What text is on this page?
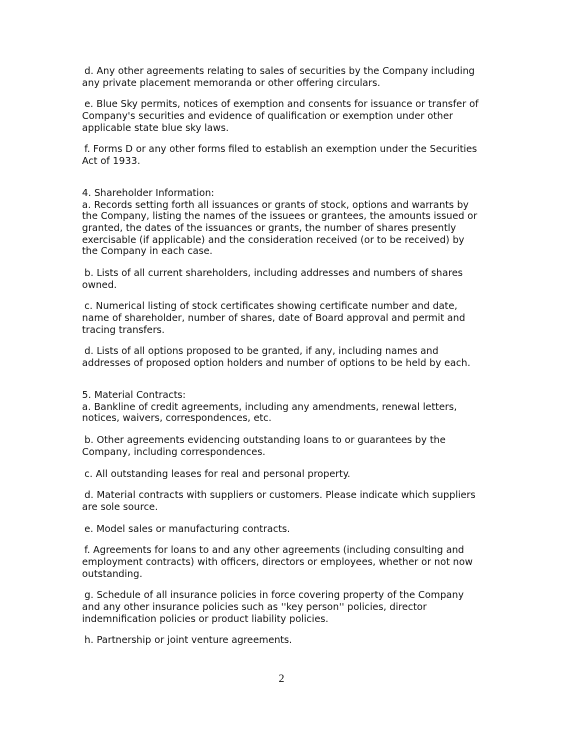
d. Any other agreements relating to sales of securities by the Company including any private placement memoranda or other offering circulars.

e. Blue Sky permits, notices of exemption and consents for issuance or transfer of Company's securities and evidence of qualification or exemption under other applicable state blue sky laws.

f. Forms D or any other forms filed to establish an exemption under the Securities Act of 1933.

4. Shareholder Information:

a. Records setting forth all issuances or grants of stock, options and warrants by the Company, listing the names of the issuees or grantees, the amounts issued or granted, the dates of the issuances or grants, the number of shares presently exercisable (if applicable) and the consideration received (or to be received) by the Company in each case.

b. Lists of all current shareholders, including addresses and numbers of shares owned.

c. Numerical listing of stock certificates showing certificate number and date, name of shareholder, number of shares, date of Board approval and permit and tracing transfers.

d. Lists of all options proposed to be granted, if any, including names and addresses of proposed option holders and number of options to be held by each.

5. Material Contracts:

a. Bankline of credit agreements, including any amendments, renewal letters, notices, waivers, correspondences, etc.

b. Other agreements evidencing outstanding loans to or guarantees by the Company, including correspondences.

c. All outstanding leases for real and personal property.

d. Material contracts with suppliers or customers. Please indicate which suppliers are sole source.

e. Model sales or manufacturing contracts.

f. Agreements for loans to and any other agreements (including consulting and employment contracts) with officers, directors or employees, whether or not now outstanding.

g. Schedule of all insurance policies in force covering property of the Company and any other insurance policies such as ''key person'' policies, director indemnification policies or product liability policies.

h. Partnership or joint venture agreements.

2
